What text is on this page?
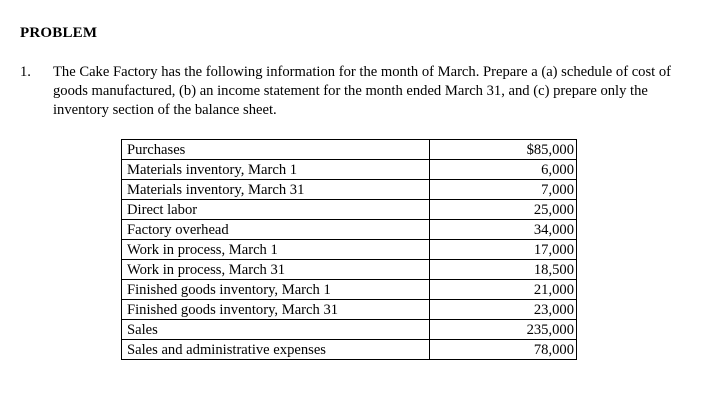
PROBLEM
1. The Cake Factory has the following information for the month of March. Prepare a (a) schedule of cost of goods manufactured, (b) an income statement for the month ended March 31, and (c) prepare only the inventory section of the balance sheet.
Purchases	$85,000
Materials inventory, March 1	6,000
Materials inventory, March 31	7,000
Direct labor	25,000
Factory overhead	34,000
Work in process, March 1	17,000
Work in process, March 31	18,500
Finished goods inventory, March 1	21,000
Finished goods inventory, March 31	23,000
Sales	235,000
Sales and administrative expenses	78,000
